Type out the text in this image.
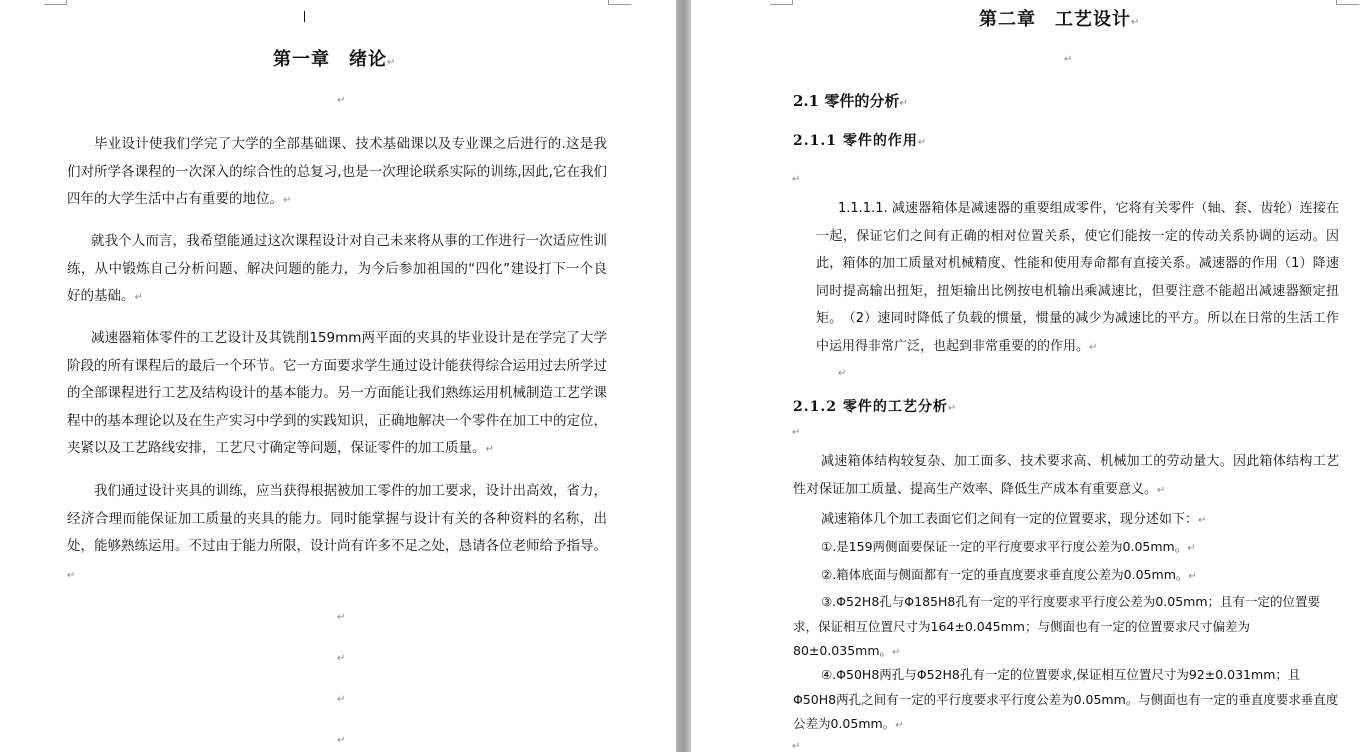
第一章　绪论↵
↵
毕业设计使我们学完了大学的全部基础课、技术基础课以及专业课之后进行的.这是我们对所学各课程的一次深入的综合性的总复习,也是一次理论联系实际的训练,因此,它在我们四年的大学生活中占有重要的地位。↵
就我个人而言，我希望能通过这次课程设计对自己未来将从事的工作进行一次适应性训练，从中锻炼自己分析问题、解决问题的能力，为今后参加祖国的“四化”建设打下一个良好的基础。↵
减速器箱体零件的工艺设计及其铣削159mm两平面的夹具的毕业设计是在学完了大学阶段的所有课程后的最后一个环节。它一方面要求学生通过设计能获得综合运用过去所学过的全部课程进行工艺及结构设计的基本能力。另一方面能让我们熟练运用机械制造工艺学课程中的基本理论以及在生产实习中学到的实践知识，正确地解决一个零件在加工中的定位，夹紧以及工艺路线安排，工艺尺寸确定等问题，保证零件的加工质量。↵
我们通过设计夹具的训练，应当获得根据被加工零件的加工要求，设计出高效，省力，经济合理而能保证加工质量的夹具的能力。同时能掌握与设计有关的各种资料的名称，出处，能够熟练运用。不过由于能力所限，设计尚有许多不足之处，恳请各位老师给予指导。↵
↵
↵
↵
↵
第二章　工艺设计↵
↵
2.1 零件的分析↵
2.1.1 零件的作用↵
↵
1.1.1.1. 减速器箱体是减速器的重要组成零件，它将有关零件（轴、套、齿轮）连接在一起，保证它们之间有正确的相对位置关系，使它们能按一定的传动关系协调的运动。因此，箱体的加工质量对机械精度、性能和使用寿命都有直接关系。减速器的作用（1）降速同时提高输出扭矩，扭矩输出比例按电机输出乘减速比，但要注意不能超出减速器额定扭矩。　（2）速同时降低了负载的惯量，惯量的减少为减速比的平方。所以在日常的生活工作中运用得非常广泛，也起到非常重要的的作用。↵
↵
2.1.2 零件的工艺分析↵
↵
减速箱体结构较复杂、加工面多、技术要求高、机械加工的劳动量大。因此箱体结构工艺性对保证加工质量、提高生产效率、降低生产成本有重要意义。↵
减速箱体几个加工表面它们之间有一定的位置要求，现分述如下：↵
①.是159两侧面要保证一定的平行度要求平行度公差为0.05mm。↵
②.箱体底面与侧面都有一定的垂直度要求垂直度公差为0.05mm。↵
③.Φ52H8孔与Φ185H8孔有一定的平行度要求平行度公差为0.05mm；且有一定的位置要求，保证相互位置尺寸为164±0.045mm；与侧面也有一定的位置要求尺寸偏差为80±0.035mm。↵
④.Φ50H8两孔与Φ52H8孔有一定的位置要求,保证相互位置尺寸为92±0.031mm；且Φ50H8两孔之间有一定的平行度要求平行度公差为0.05mm。与侧面也有一定的垂直度要求垂直度公差为0.05mm。↵
↵
